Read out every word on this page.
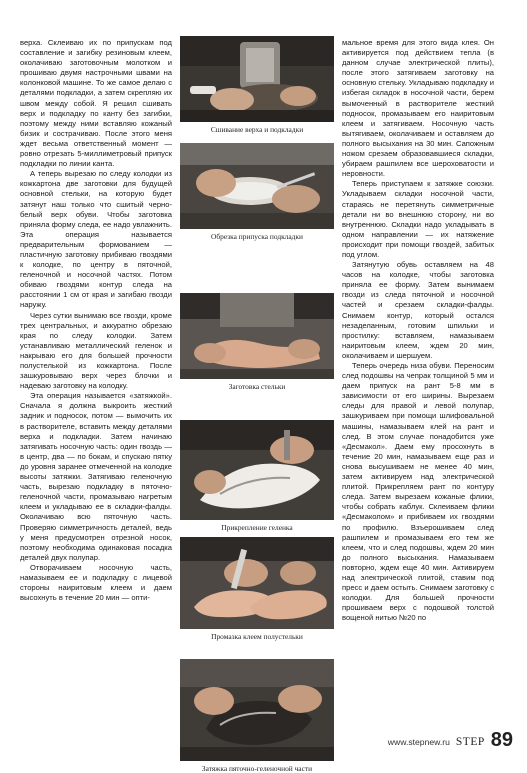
верха. Склеиваю их по припускам под составление и загибку резиновым клеем, околачиваю заготовочным молотком и прошиваю двумя настрочными швами на колонковой машине. То же самое делаю с деталями подкладки, а затем скрепляю их швом между собой. Я решил сшивать верх и подкладку по канту без загибки, поэтому между ними вставляю кожаный бизик и сострачиваю. После этого меня ждет весьма ответственный момент — ровно отрезать 5-миллиметровый припуск подкладки по линии канта.

А теперь вырезаю по следу колодки из кожкартона две заготовки для будущей основной стельки, на которую будет затянут наш только что сшитый черно-белый верх обуви. Чтобы заготовка приняла форму следа, ее надо увлажнить. Эта операция называется предварительным формованием — пластичную заготовку прибиваю гвоздями к колодке, по центру в пяточной, геленочной и носочной частях. Потом обиваю гвоздями контур следа на расстоянии 1 см от края и загибаю гвозди наружу.

Через сутки вынимаю все гвозди, кроме трех центральных, и аккуратно обрезаю края по следу колодки. Затем устанавливаю металлический геленок и накрываю его для большей прочности полустелькой из кожкартона. После зашкуровываю верх через блочки и надеваю заготовку на колодку.

Эта операция называется «затяжкой». Сначала я должна выкроить жесткий задник и подносок, потом — вымочить их в растворителе, вставить между деталями верха и подкладки. Затем начинаю затягивать носочную часть: один гвоздь — в центр, два — по бокам, и спускаю пятку до уровня заранее отмеченной на колодке высоты затяжки. Затягиваю геленочную часть, вырезаю подкладку в пяточно-геленочной части, промазываю нагретым клеем и укладываю ее в складки-фалды. Околачиваю всю пяточную часть. Проверяю симметричность деталей, ведь у меня предусмотрен отрезной носок, поэтому необходима одинаковая посадка деталей двух полупар.

Отворачиваем носочную часть, намазываем ее и подкладку с лицевой стороны наиритовым клеем и даем высохнуть в течение 20 мин — опти-

Сшивание верха и подкладки
Обрезка припуска подкладки
Заготовка стельки
Прикрепление геленка
Промазка клеем полустельки
Затяжка пяточно-геленочной части

мальное время для этого вида клея. Он активируется под действием тепла (в данном случае электрической плиты), после этого затягиваем заготовку на основную стельку. Укладываю подкладку и избегая складок в носочной части, берем вымоченный в растворителе жесткий подносок, промазываем его наиритовым клеем и затягиваем. Носочную часть вытягиваем, околачиваем и оставляем до полного высыхания на 30 мин. Сапожным ножом срезаем образовавшиеся складки, убираем рашпилем все шероховатости и неровности.

Теперь приступаем к затяжке союзки. Укладываем складки носочной части, стараясь не перетянуть симметричные детали ни во внешнюю сторону, ни во внутреннюю. Складки надо укладывать в одном направлении — их натяжение происходит при помощи гвоздей, забитых под углом.

Затянутую обувь оставляем на 48 часов на колодке, чтобы заготовка приняла ее форму. Затем вынимаем гвозди из следа пяточной и носочной частей и срезаем складки-фалды. Снимаем контур, который остался незаделанным, готовим шпильки и простилку: вставляем, намазываем наиритовым клеем, ждем 20 мин, околачиваем и шершуем.

Теперь очередь низа обуви. Переносим след подошвы на чепрак толщиной 5 мм и даем припуск на рант 5-8 мм в зависимости от его ширины. Вырезаем следы для правой и левой полупар, зашкуриваем при помощи шлифовальной машины, намазываем клей на рант и след. В этом случае понадобится уже «Десмакол». Даем ему просохнуть в течение 20 мин, намазываем еще раз и снова высушиваем не менее 40 мин, затем активируем над электрической плитой. Прикрепляем рант по контуру следа. Затем вырезаем кожаные флики, чтобы собрать каблук. Склеиваем флики «Десмаколом» и прибиваем их гвоздями по профилю. Взъерошиваем след рашпилем и промазываем его тем же клеем, что и след подошвы, ждем 20 мин до полного высыхания. Намазываем повторно, ждем еще 40 мин. Активируем над электрической плитой, ставим под пресс и даем остыть. Снимаем заготовку с колодки. Для большей прочности прошиваем верх с подошвой толстой вощеной нитью №20 по

www.stepnew.ru STEP 89
